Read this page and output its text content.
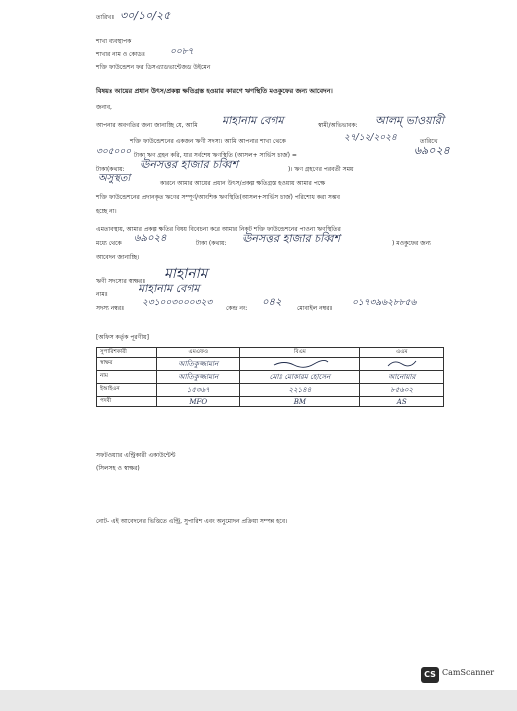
তারিখঃ ৩০/১০/২৫
শাখা ব্যবস্থাপক
শাখার নাম ও কোডঃ	০০৮৭
শক্তি ফাউন্ডেশন ফর ডিসএ্যাডভান্টেজড উইমেন
বিষয়ঃ আয়ের প্রধান উৎস/প্রকল্প ক্ষতিগ্রস্ত হওয়ার কারণে ঋণস্থিতি মওকুফের জন্য আবেদন।
জনাব,
আপনার অবগতির জন্য জানাচ্ছি যে, আমি মাহানাম বেগম	স্বামী/অভিভাবক: আলম্ ভাওয়ারী
শক্তি ফাউন্ডেশনের একজন ঋণী সদস্য। আমি আপনার শাখা থেকে	২৭/১২/২০২৪	তারিখে
৩০৫০০০ টাকা ঋণ গ্রহন করি, যার সর্বশেষ ঋণস্থিতি (আসল+ সার্ভিস চার্জ) =	৬৯০২৪
টাকা(কথায়: ঊনসত্তর হাজার চব্বিশ	)। ঋণ গ্রহণের পরবর্তী সময়
অসুস্থতা	কারনে আমার আয়ের প্রধান উৎস/প্রকল্প ক্ষতিগ্রস্ত হওয়ায় আমার পক্ষে
শক্তি ফাউন্ডেশনের প্রদানকৃত ঋণের সম্পূর্ণ/আংশিক ঋণস্থিতি(আসল+সার্ভিস চার্জ) পরিশোধ করা সম্ভব
হচ্ছে না।
এমতাবস্থায়, আমার প্রকল্প ক্ষতির বিষয় বিবেচনা করে আমার নিকট শক্তি ফাউন্ডেশনের পাওনা ঋণস্থিতির
মধ্যে থেকে ৬৯০২৪	টাকা (কথায়: ঊনসত্তর হাজার চব্বিশ	) মওকুফের জন্য
আবেদন জানাচ্ছি।
ঋণী সদস্যের স্বাক্ষরঃ মাহানাম
নামঃ	মাহানাম বেগম
সদস্য নম্বরঃ
২৩১০০৩০০০৩২৩
কেন্দ্র নং:
০৪২
মোবাইল নম্বরঃ
০১৭৩৯৬২৮৮৫৬
[অফিস কর্তৃক পূরণীয়]
সুপারিশকারী	এমএফও	বিএম	এএম
স্বাক্ষর	আতিকুজ্জামান		
নাম	আতিকুজ্জামান	মোঃ মোকারম হোসেন	আনোয়ার
ইআইএন	১৫৩৬৭	২২১৪৪	৮৫৬০২
পদবী	MFO	BM	AS
সফটওয়্যার এন্ট্রিকারী একাউন্টেন্ট
(সিলসহ ও স্বাক্ষর)
নোট- এই আবেদনের ভিত্তিতে এন্ট্রি, সুপারিশ এবং অনুমোদন প্রক্রিয়া সম্পন্ন হবে।
CS CamScanner
